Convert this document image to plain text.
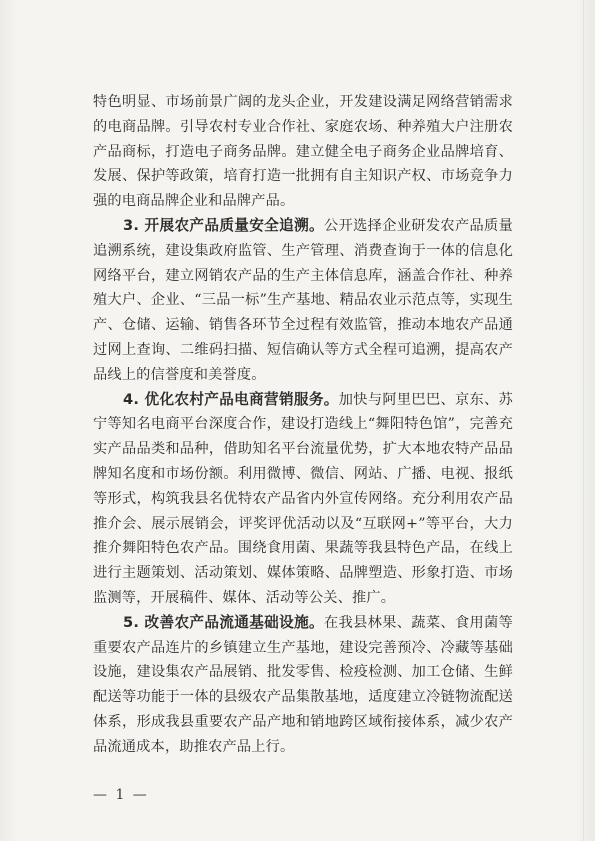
特色明显、市场前景广阔的龙头企业，开发建设满足网络营销需求的电商品牌。引导农村专业合作社、家庭农场、种养殖大户注册农产品商标，打造电子商务品牌。建立健全电子商务企业品牌培育、发展、保护等政策，培育打造一批拥有自主知识产权、市场竞争力强的电商品牌企业和品牌产品。

3. 开展农产品质量安全追溯。公开选择企业研发农产品质量追溯系统，建设集政府监管、生产管理、消费查询于一体的信息化网络平台，建立网销农产品的生产主体信息库，涵盖合作社、种养殖大户、企业、“三品一标”生产基地、精品农业示范点等，实现生产、仓储、运输、销售各环节全过程有效监管，推动本地农产品通过网上查询、二维码扫描、短信确认等方式全程可追溯，提高农产品线上的信誉度和美誉度。

4. 优化农村产品电商营销服务。加快与阿里巴巴、京东、苏宁等知名电商平台深度合作，建设打造线上“舞阳特色馆”，完善充实产品品类和品种，借助知名平台流量优势，扩大本地农特产品品牌知名度和市场份额。利用微博、微信、网站、广播、电视、报纸等形式，构筑我县名优特农产品省内外宣传网络。充分利用农产品推介会、展示展销会，评奖评优活动以及“互联网+”等平台，大力推介舞阳特色农产品。围绕食用菌、果蔬等我县特色产品，在线上进行主题策划、活动策划、媒体策略、品牌塑造、形象打造、市场监测等，开展稿件、媒体、活动等公关、推广。

5. 改善农产品流通基础设施。在我县林果、蔬菜、食用菌等重要农产品连片的乡镇建立生产基地，建设完善预冷、冷藏等基础设施，建设集农产品展销、批发零售、检疫检测、加工仓储、生鲜配送等功能于一体的县级农产品集散基地，适度建立冷链物流配送体系，形成我县重要农产品产地和销地跨区域衔接体系，减少农产品流通成本，助推农产品上行。

— 1 —
